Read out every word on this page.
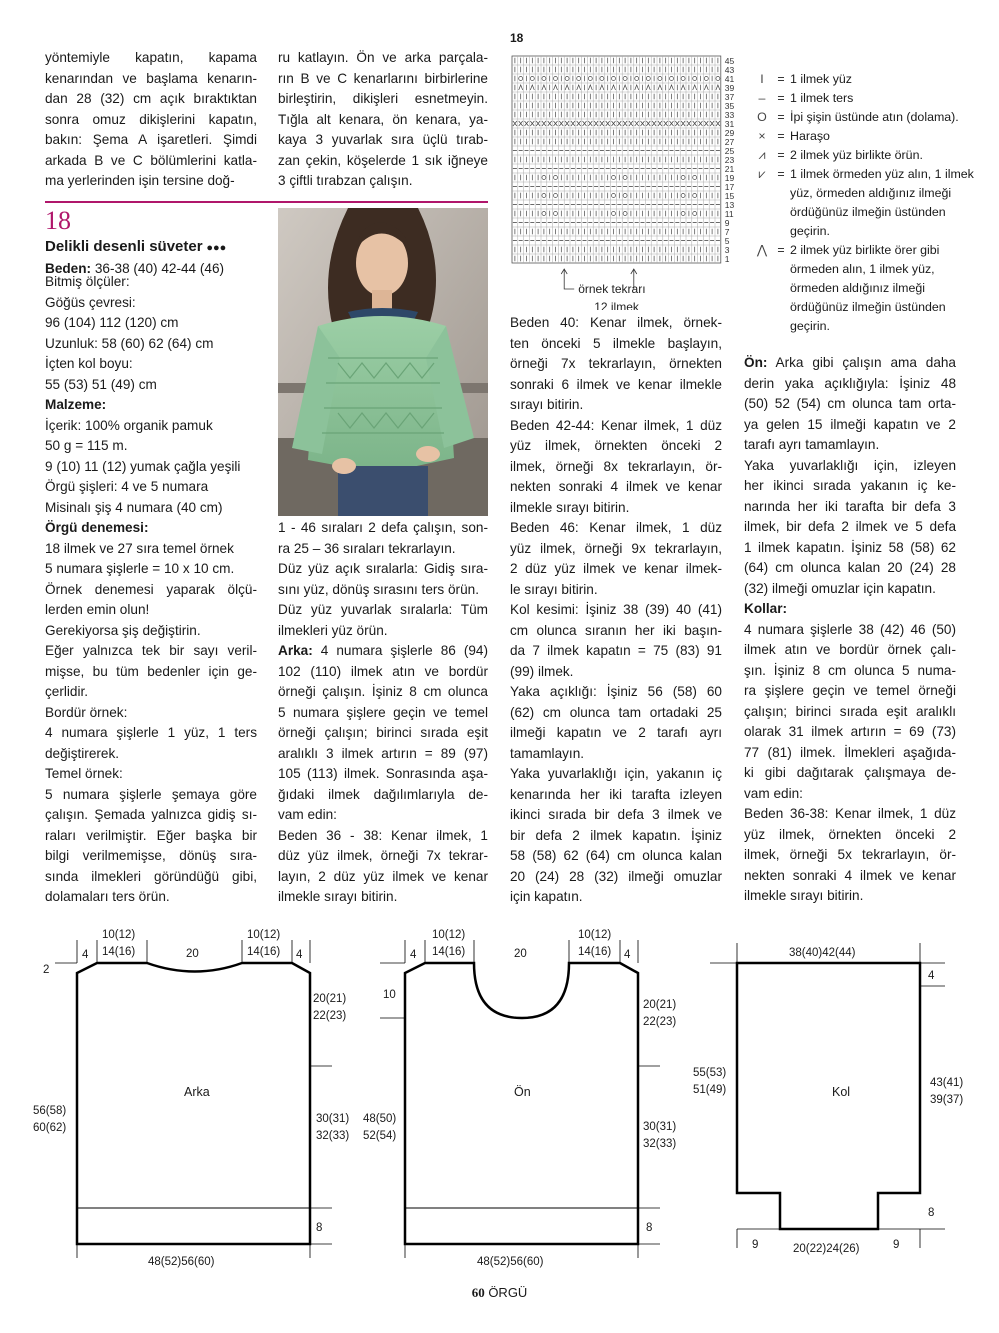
yöntemiyle kapatın, kapama

kenarından ve başlama kenarın-

dan 28 (32) cm açık bıraktıktan

sonra omuz dikişlerini kapatın,

bakın: Şema A işaretleri. Şimdi

arkada B ve C bölümlerini katla-

ma yerlerinden işin tersine doğ-

ru katlayın. Ön ve arka parçala-

rın B ve C kenarlarını birbirlerine

birleştirin, dikişleri esnetmeyin.

Tığla alt kenara, ön kenara, ya-

kaya 3 yuvarlak sıra üçlü tırab-

zan çekin, köşelerde 1 sık iğneye

3 çiftli tırabzan çalışın.

18
Delikli desenli süveter ●●●
Beden: 36-38 (40) 42-44 (46)

Bitmiş ölçüler:

Göğüs çevresi:

96 (104) 112 (120) cm

Uzunluk: 58 (60) 62 (64) cm

İçten kol boyu:

55 (53) 51 (49) cm

Malzeme:

İçerik: 100% organik pamuk

50 g = 115 m.

9 (10) 11 (12) yumak çağla yeşili

Örgü şişleri: 4 ve 5 numara

Misinalı şiş 4 numara (40 cm)

Örgü denemesi:

18 ilmek ve 27 sıra temel örnek

5 numara şişlerle = 10 x 10 cm.

Örnek denemesi yaparak ölçü-

lerden emin olun!

Gerekiyorsa şiş değiştirin.

Eğer yalnızca tek bir sayı veril-

mişse, bu tüm bedenler için ge-

çerlidir.

Bordür örnek:

4 numara şişlerle 1 yüz, 1 ters

değiştirerek.

Temel örnek:

5 numara şişlerle şemaya göre

çalışın. Şemada yalnızca gidiş sı-

raları verilmiştir. Eğer başka bir

bilgi verilmemişse, dönüş sıra-

sında ilmekleri göründüğü gibi,

dolamaları ters örün.

1 - 46 sıraları 2 defa çalışın, son-

ra 25 – 36 sıraları tekrarlayın.

Düz yüz açık sıralarla: Gidiş sıra-

sını yüz, dönüş sırasını ters örün.

Düz yüz yuvarlak sıralarla: Tüm

ilmekleri yüz örün.

Arka: 4 numara şişlerle 86 (94)

102 (110) ilmek atın ve bordür

örneği çalışın. İşiniz 8 cm olunca

5 numara şişlere geçin ve temel

örneği çalışın; birinci sırada eşit

aralıklı 3 ilmek artırın = 89 (97)

105 (113) ilmek. Sonrasında aşa-

ğıdaki ilmek dağılımlarıyla de-

vam edin:

Beden 36 - 38: Kenar ilmek, 1

düz yüz ilmek, örneği 7x tekrar-

layın, 2 düz yüz ilmek ve kenar

ilmekle sırayı bitirin.

18
45
43
41
39
37
35
33
31
29
27
25
23
21
19
17
15
13
11
9
7
5
3
1
örnek tekrarı
12 ilmek

Beden 40: Kenar ilmek, örnek-

ten önceki 5 ilmekle başlayın,

örneği 7x tekrarlayın, örnekten

sonraki 6 ilmek ve kenar ilmekle

sırayı bitirin.

Beden 42-44: Kenar ilmek, 1 düz

yüz ilmek, örnekten önceki 2

ilmek, örneği 8x tekrarlayın, ör-

nekten sonraki 4 ilmek ve kenar

ilmekle sırayı bitirin.

Beden 46: Kenar ilmek, 1 düz

yüz ilmek, örneği 9x tekrarlayın,

2 düz yüz ilmek ve kenar ilmek-

le sırayı bitirin.

Kol kesimi: İşiniz 38 (39) 40 (41)

cm olunca sıranın her iki başın-

da 7 ilmek kapatın = 75 (83) 91

(99) ilmek.

Yaka açıklığı: İşiniz 56 (58) 60

(62) cm olunca tam ortadaki 25

ilmeği kapatın ve 2 tarafı ayrı

tamamlayın.

Yaka yuvarlaklığı için, yakanın iç

kenarında her iki tarafta izleyen

ikinci sırada bir defa 3 ilmek ve

bir defa 2 ilmek kapatın. İşiniz

58 (58) 62 (64) cm olunca kalan

20 (24) 28 (32) ilmeği omuzlar

için kapatın.

I	= 1 ilmek yüz
– = 1 ilmek ters
O = İpi şişin üstünde atın (dolama).
× = Haraşo
⩘ = 2 ilmek yüz birlikte örün.
⩗ = 1 ilmek örmeden yüz alın, 1 ilmek yüz, örmeden aldığınız ilmeği ördüğünüz ilmeğin üstünden geçirin.
⋀ = 2 ilmek yüz birlikte örer gibi örmeden alın, 1 ilmek yüz, örmeden aldığınız ilmeği ördüğünüz ilmeğin üstünden geçirin.

Ön: Arka gibi çalışın ama daha

derin yaka açıklığıyla: İşiniz 48

(50) 52 (54) cm olunca tam orta-

ya gelen 15 ilmeği kapatın ve 2

tarafı ayrı tamamlayın.

Yaka yuvarlaklığı için, izleyen

her ikinci sırada yakanın iç ke-

narında her iki tarafta bir defa 3

ilmek, bir defa 2 ilmek ve 5 defa

1 ilmek kapatın. İşiniz 58 (58) 62

(64) cm olunca kalan 20 (24) 28

(32) ilmeği omuzlar için kapatın.

Kollar:

4 numara şişlerle 38 (42) 46 (50)

ilmek atın ve bordür örnek çalı-

şın. İşiniz 8 cm olunca 5 numa-

ra şişlere geçin ve temel örneği

çalışın; birinci sırada eşit aralıklı

olarak 31 ilmek artırın = 69 (73)

77 (81) ilmek. İlmekleri aşağıda-

ki gibi dağıtarak çalışmaya de-

vam edin:

Beden 36-38: Kenar ilmek, 1 düz

yüz ilmek, örnekten önceki 2

ilmek, örneği 5x tekrarlayın, ör-

nekten sonraki 4 ilmek ve kenar

ilmekle sırayı bitirin.

4
10(12)
14(16)	20
10(12)
14(16) 4
2
20(21)
22(23)
Arka
56(58)
60(62)
30(31)
32(33)
8
48(52)56(60)
4
10(12)
14(16)	20
10(12)
14(16) 4
10
20(21)
22(23)
Ön
48(50)
52(54)
30(31)
32(33)
8
48(52)56(60)
38(40)42(44)
4
55(53)
51(49)	Kol
43(41)
39(37)
8
9	20(22)24(26)	9
60 ÖRGÜ
